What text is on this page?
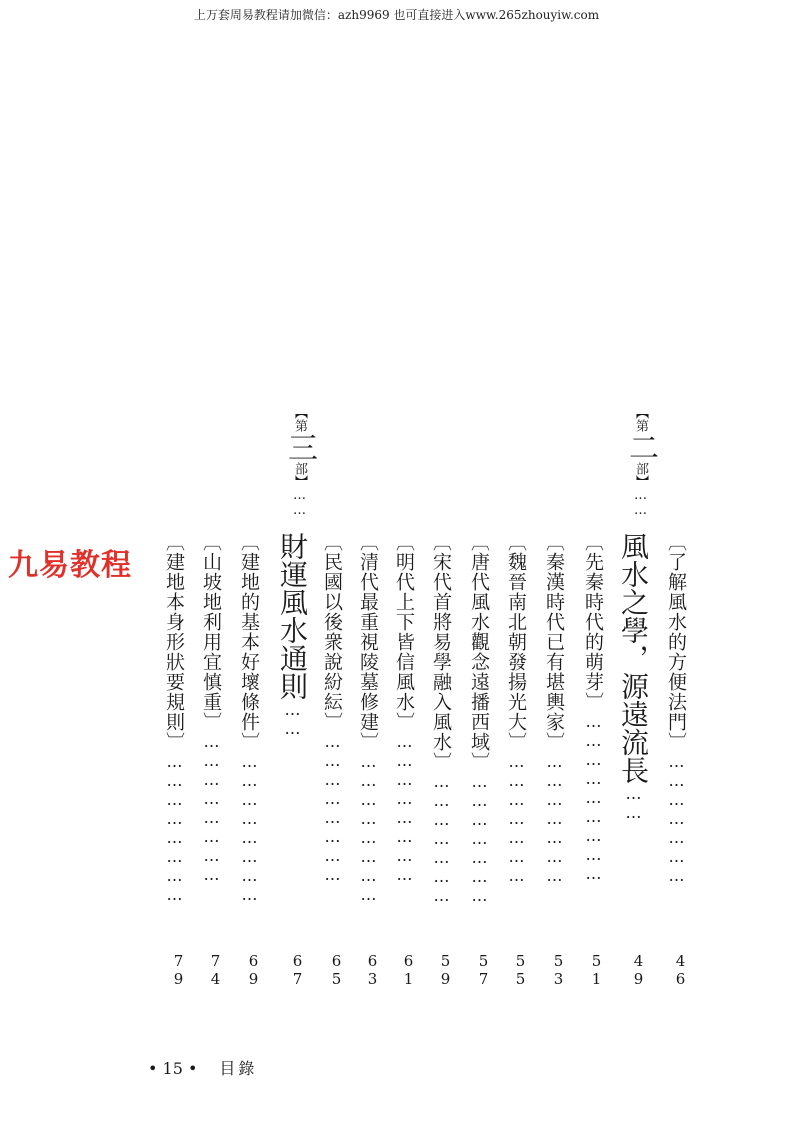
上万套周易教程请加微信：azh9969 也可直接进入www.265zhouyiw.com
九易教程	〔了解風水的方便法門〕…………………
46
【第二部】……
風水之學，源遠流長……
49
〔先秦時代的萌芽〕………………………
51
〔秦漢時代已有堪輿家〕…………………
53
〔魏晉南北朝發揚光大〕…………………
55
〔唐代風水觀念遠播西域〕…………………
57
〔宋代首將易學融入風水〕…………………
59
〔明代上下皆信風水〕……………………
61
〔清代最重視陵墓修建〕……………………
63
〔民國以後衆說紛紜〕……………………
65
【第三部】……
財運風水通則……
67
〔建地的基本好壞條件〕……………………
69
〔山坡地利用宜慎重〕……………………
74
〔建地本身形狀要規則〕……………………
79
• 15 • 目錄
